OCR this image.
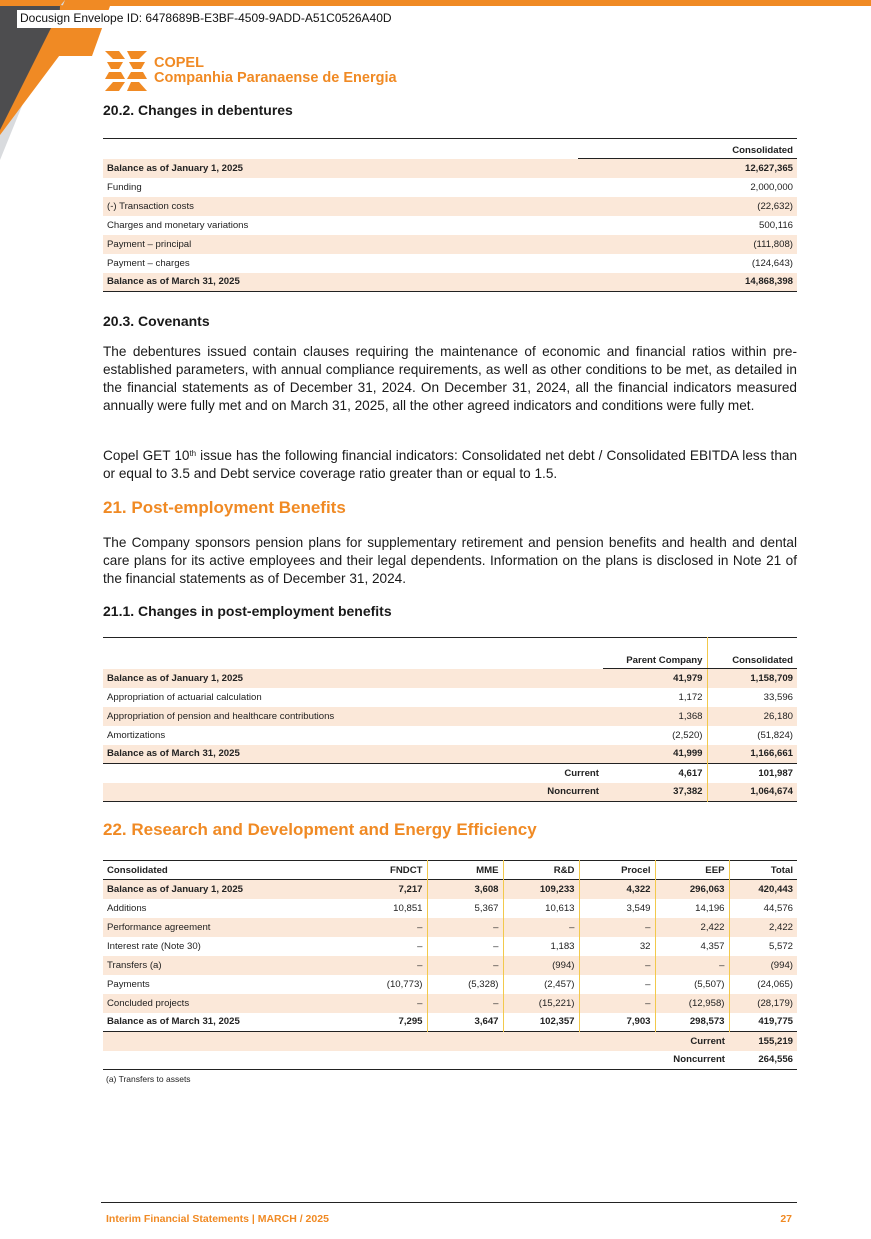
Docusign Envelope ID: 6478689B-E3BF-4509-9ADD-A51C0526A40D
COPEL
Companhia Paranaense de Energia
20.2. Changes in debentures
	Consolidated
Balance as of January 1, 2025	12,627,365
Funding	2,000,000
(-) Transaction costs	(22,632)
Charges and monetary variations	500,116
Payment – principal	(111,808)
Payment – charges	(124,643)
Balance as of March 31, 2025	14,868,398
20.3. Covenants
The debentures issued contain clauses requiring the maintenance of economic and financial ratios within pre-established parameters, with annual compliance requirements, as well as other conditions to be met, as detailed in the financial statements as of December 31, 2024. On December 31, 2024, all the financial indicators measured annually were fully met and on March 31, 2025, all the other agreed indicators and conditions were fully met.
Copel GET 10th issue has the following financial indicators: Consolidated net debt / Consolidated EBITDA less than or equal to 3.5 and Debt service coverage ratio greater than or equal to 1.5.
21. Post-employment Benefits
The Company sponsors pension plans for supplementary retirement and pension benefits and health and dental care plans for its active employees and their legal dependents. Information on the plans is disclosed in Note 21 of the financial statements as of December 31, 2024.
21.1. Changes in post-employment benefits
		Parent Company	Consolidated
Balance as of January 1, 2025		41,979	1,158,709
Appropriation of actuarial calculation		1,172	33,596
Appropriation of pension and healthcare contributions		1,368	26,180
Amortizations		(2,520)	(51,824)
Balance as of March 31, 2025		41,999	1,166,661
	Current	4,617	101,987
	Noncurrent	37,382	1,064,674
22. Research and Development and Energy Efficiency
Consolidated	FNDCT	MME	R&D	Procel	EEP	Total
Balance as of January 1, 2025	7,217	3,608	109,233	4,322	296,063	420,443
Additions	10,851	5,367	10,613	3,549	14,196	44,576
Performance agreement	–	–	–	–	2,422	2,422
Interest rate (Note 30)	–	–	1,183	32	4,357	5,572
Transfers (a)	–	–	(994)	–	–	(994)
Payments	(10,773)	(5,328)	(2,457)	–	(5,507)	(24,065)
Concluded projects	–	–	(15,221)	–	(12,958)	(28,179)
Balance as of March 31, 2025	7,295	3,647	102,357	7,903	298,573	419,775
					Current	155,219
					Noncurrent	264,556
(a) Transfers to assets
Interim Financial Statements | MARCH / 2025	27
